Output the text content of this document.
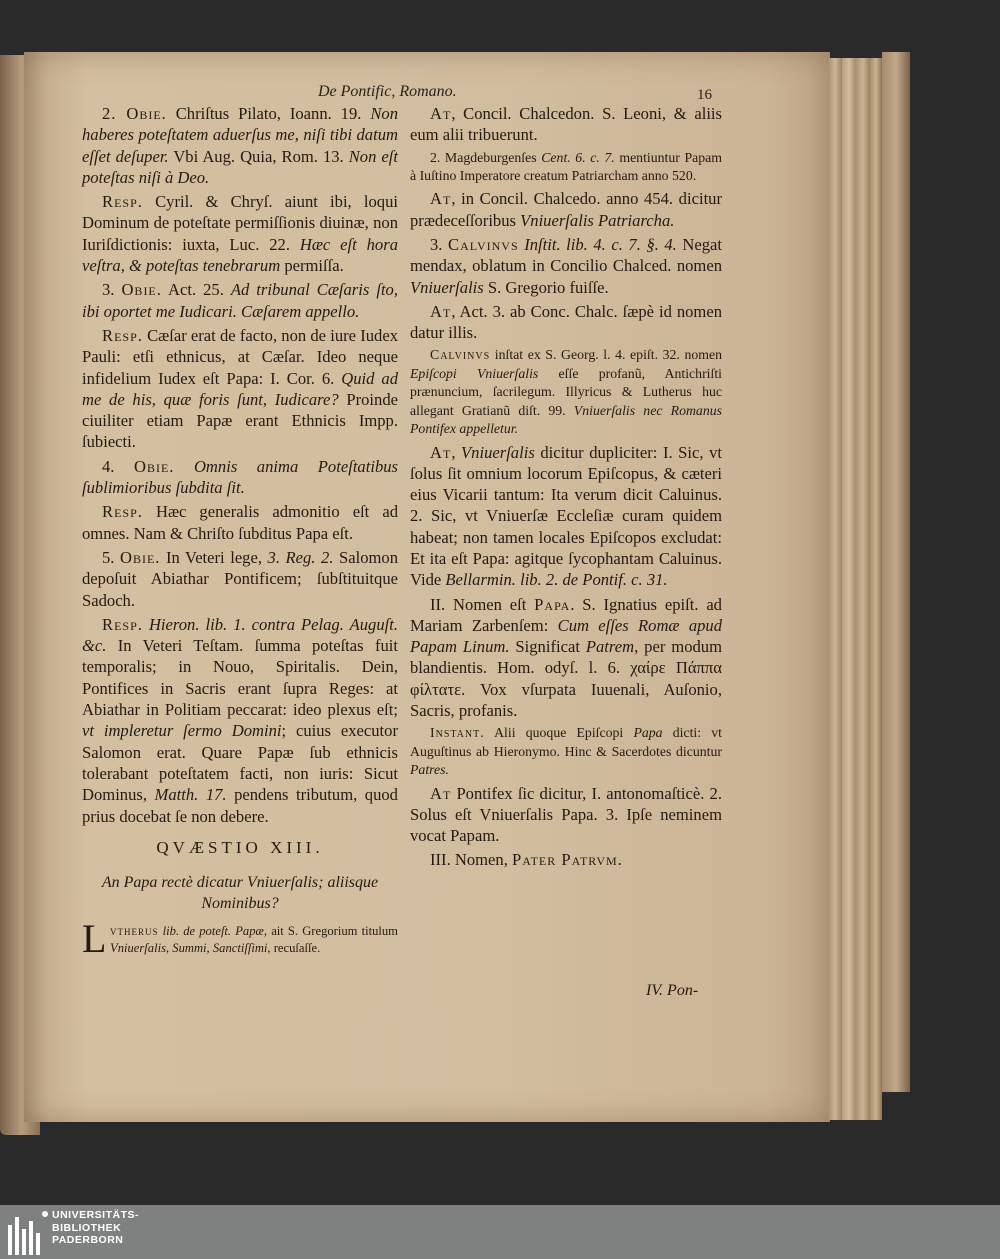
De Pontific, Romano.	16

2. Obie. Chriſtus Pilato, Ioann. 19. Non haberes poteſtatem aduerſus me, niſi tibi datum eſſet deſuper. Vbi Aug. Quia, Rom. 13. Non eſt poteſtas niſi à Deo.

Resp. Cyril. & Chryſ. aiunt ibi, loqui Dominum de poteſtate permiſſionis diuinæ, non Iuriſdictionis: iuxta, Luc. 22. Hæc eſt hora veſtra, & poteſtas tenebrarum permiſſa.

3. Obie. Act. 25. Ad tribunal Cæſaris ſto, ibi oportet me Iudicari. Cæſarem appello.

Resp. Cæſar erat de facto, non de iure Iudex Pauli: etſi ethnicus, at Cæſar. Ideo neque infidelium Iudex eſt Papa: I. Cor. 6. Quid ad me de his, quæ foris ſunt, Iudicare? Proinde ciuiliter etiam Papæ erant Ethnicis Impp. ſubiecti.

4. Obie. Omnis anima Poteſtatibus ſublimioribus ſubdita ſit.

Resp. Hæc generalis admonitio eſt ad omnes. Nam & Chriſto ſubditus Papa eſt.

5. Obie. In Veteri lege, 3. Reg. 2. Salomon depoſuit Abiathar Pontificem; ſubſtituitque Sadoch.

Resp. Hieron. lib. 1. contra Pelag. Auguſt. &c. In Veteri Teſtam. ſumma poteſtas fuit temporalis; in Nouo, Spiritalis. Dein, Pontifices in Sacris erant ſupra Reges: at Abiathar in Politiam peccarat: ideo plexus eſt; vt impleretur ſermo Domini; cuius executor Salomon erat. Quare Papæ ſub ethnicis tolerabant poteſtatem facti, non iuris: Sicut Dominus, Matth. 17. pendens tributum, quod prius docebat ſe non debere.

QVÆSTIO XIII.

An Papa rectè dicatur Vniuerſalis; aliisque Nominibus?

L vtherus lib. de poteſt. Papæ, ait S. Gregorium titulum Vniuerſalis, Summi, Sanctiſſimi, recuſaſſe.

At, Concil. Chalcedon. S. Leoni, & aliis eum alii tribuerunt.

2. Magdeburgenſes Cent. 6. c. 7. mentiuntur Papam à Iuſtino Imperatore creatum Patriarcham anno 520.

At, in Concil. Chalcedo. anno 454. dicitur prædeceſſoribus Vniuerſalis Patriarcha.

3. Calvinvs Inſtit. lib. 4. c. 7. §. 4. Negat mendax, oblatum in Concilio Chalced. nomen Vniuerſalis S. Gregorio fuiſſe.

At, Act. 3. ab Conc. Chalc. ſæpè id nomen datur illis.

Calvinvs inſtat ex S. Georg. l. 4. epiſt. 32. nomen Epiſcopi Vniuerſalis eſſe profanũ, Antichriſti prænuncium, ſacrilegum. Illyricus & Lutherus huc allegant Gratianũ diſt. 99. Vniuerſalis nec Romanus Pontifex appelletur.

At, Vniuerſalis dicitur dupliciter: I. Sic, vt ſolus ſit omnium locorum Epiſcopus, & cæteri eius Vicarii tantum: Ita verum dicit Caluinus. 2. Sic, vt Vniuerſæ Eccleſiæ curam quidem habeat; non tamen locales Epiſcopos excludat: Et ita eſt Papa: agitque ſycophantam Caluinus. Vide Bellarmin. lib. 2. de Pontif. c. 31.

II. Nomen eſt Papa. S. Ignatius epiſt. ad Mariam Zarbenſem: Cum eſſes Romæ apud Papam Linum. Significat Patrem, per modum blandientis. Hom. odyſ. l. 6. χαίρε Πάππα φίλτατε. Vox vſurpata Iuuenali, Auſonio, Sacris, profanis.

Instant. Alii quoque Epiſcopi Papa dicti: vt Auguſtinus ab Hieronymo. Hinc & Sacerdotes dicuntur Patres.

At Pontifex ſic dicitur, I. antonomaſticè. 2. Solus eſt Vniuerſalis Papa. 3. Ipſe neminem vocat Papam.

III. Nomen, Pater Patrvm.

IV. Pon-
UNIVERSITÄTS-
BIBLIOTHEK
PADERBORN
